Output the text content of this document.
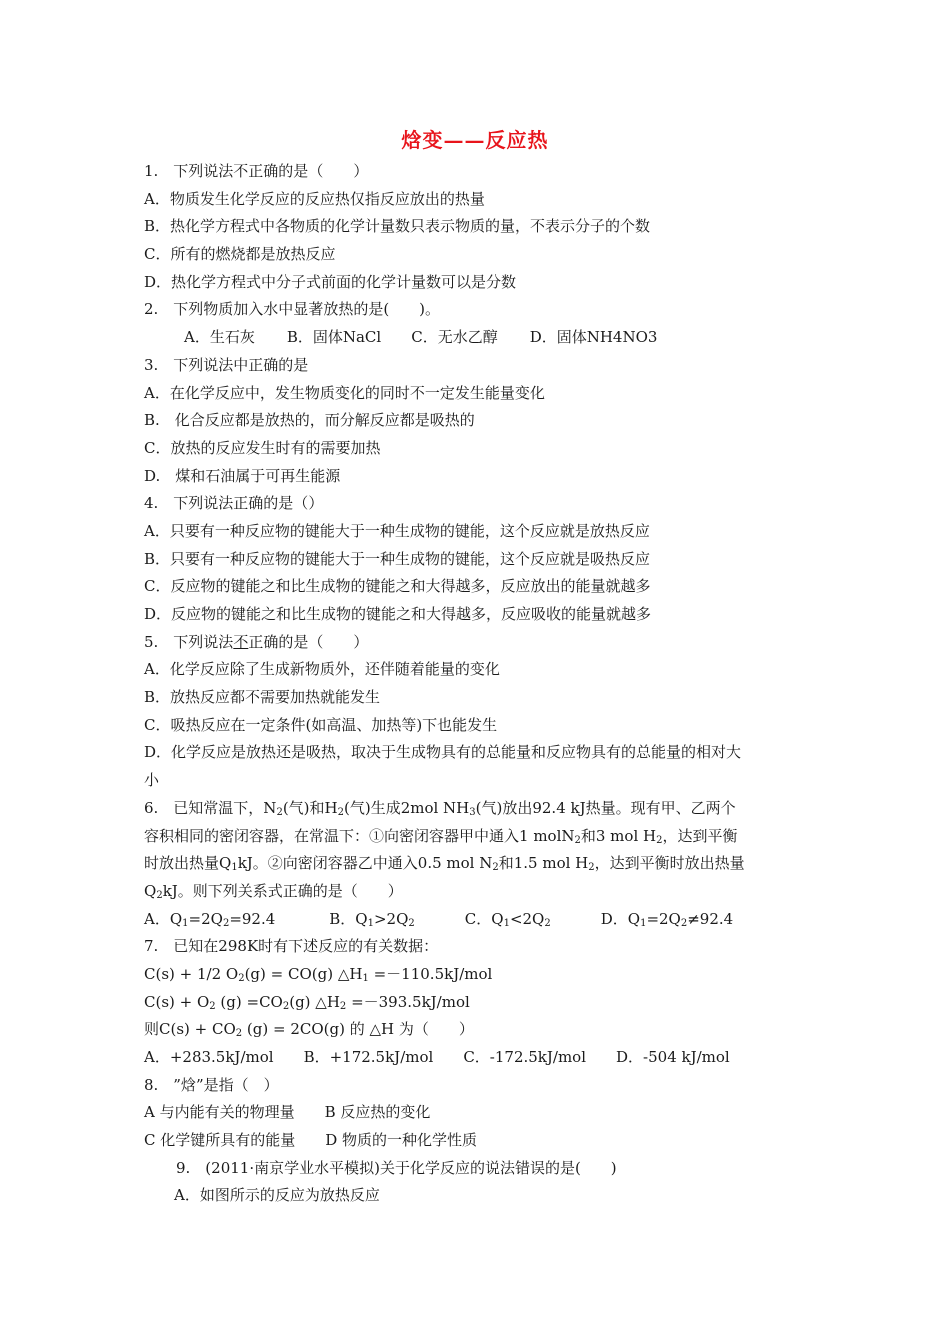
焓变——反应热
1.　下列说法不正确的是（　　）
A．物质发生化学反应的反应热仅指反应放出的热量
B．热化学方程式中各物质的化学计量数只表示物质的量，不表示分子的个数
C．所有的燃烧都是放热反应
D．热化学方程式中分子式前面的化学计量数可以是分数
2.　下列物质加入水中显著放热的是(　　)。
A．生石灰 B．固体NaCl C．无水乙醇 D．固体NH4NO3
3.　下列说法中正确的是
A．在化学反应中，发生物质变化的同时不一定发生能量变化
B.　化合反应都是放热的，而分解反应都是吸热的
C．放热的反应发生时有的需要加热
D.　煤和石油属于可再生能源
4.　下列说法正确的是（）
A．只要有一种反应物的键能大于一种生成物的键能，这个反应就是放热反应
B．只要有一种反应物的键能大于一种生成物的键能，这个反应就是吸热反应
C．反应物的键能之和比生成物的键能之和大得越多，反应放出的能量就越多
D．反应物的键能之和比生成物的键能之和大得越多，反应吸收的能量就越多
5.　下列说法不正确的是（　　）
A．化学反应除了生成新物质外，还伴随着能量的变化
B．放热反应都不需要加热就能发生
C．吸热反应在一定条件(如高温、加热等)下也能发生
D．化学反应是放热还是吸热，取决于生成物具有的总能量和反应物具有的总能量的相对大
小
6.　已知常温下，$N_2$(气)和$H_2$(气)生成2mol $NH_3$(气)放出92.4 kJ热量。现有甲、乙两个
容积相同的密闭容器，在常温下：①向密闭容器甲中通入1 molN$_2$和3 mol $H_2$，达到平衡
时放出热量$Q_1kJ$。②向密闭容器乙中通入0.5 mol $N_2$和1.5 mol $H_2$，达到平衡时放出热量
$Q_2kJ$。则下列关系式正确的是（　　）
A．$Q_1=2Q_2=92.4$	B．$Q_1>2Q_2$	C．$Q_1<2Q_2$	D．$Q_1=2Q_2\ne 92.4$
7.　已知在298K时有下述反应的有关数据：
C(s) + 1/2 $O_2(g) = CO(g)$ $\triangle H_1 =-110.5kJ/mol$
$C(s) + O_2$ $(g) =CO_2(g)$ $\triangle H_2 =-393.5kJ/mol$
则$C(s) + CO_2$ (g) = 2CO(g) 的 △H 为（　　）
A．+283.5kJ/mol B．+172.5kJ/mol C．-172.5kJ/mol D．-504 kJ/mol
8.　”焓”是指（　）
A 与内能有关的物理量 B 反应热的变化
C 化学键所具有的能量 D 物质的一种化学性质
9.　(2011·南京学业水平模拟)关于化学反应的说法错误的是(　　)
A．如图所示的反应为放热反应
